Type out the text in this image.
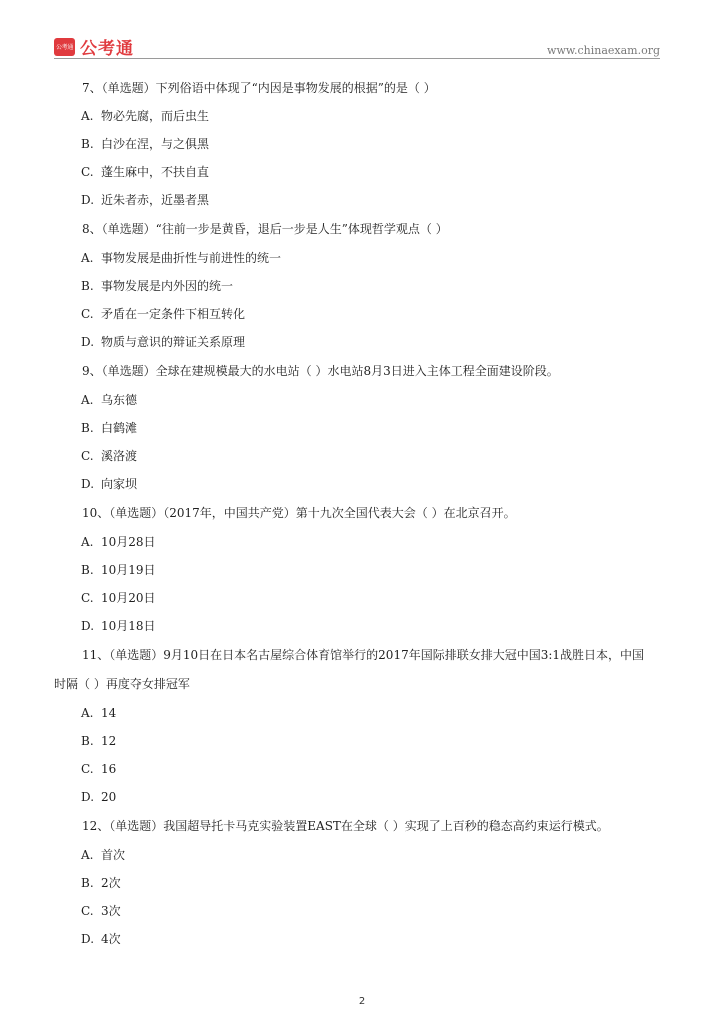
公考通 公考通	www.chinaexam.org
7、（单选题）下列俗语中体现了“内因是事物发展的根据”的是（ ）
A. 物必先腐，而后虫生
B. 白沙在涅，与之俱黑
C. 蓬生麻中，不扶自直
D. 近朱者赤，近墨者黑
8、（单选题）“往前一步是黄昏，退后一步是人生”体现哲学观点（ ）
A. 事物发展是曲折性与前进性的统一
B. 事物发展是内外因的统一
C. 矛盾在一定条件下相互转化
D. 物质与意识的辩证关系原理
9、（单选题）全球在建规模最大的水电站（ ）水电站8月3日进入主体工程全面建设阶段。
A. 乌东德
B. 白鹤滩
C. 溪洛渡
D. 向家坝
10、（单选题）（2017年，中国共产党）第十九次全国代表大会（ ）在北京召开。
A. 10月28日
B. 10月19日
C. 10月20日
D. 10月18日
11、（单选题）9月10日在日本名古屋综合体育馆举行的2017年国际排联女排大冠中国3:1战胜日本，中国
时隔（ ）再度夺女排冠军
A. 14
B. 12
C. 16
D. 20
12、（单选题）我国超导托卡马克实验装置EAST在全球（ ）实现了上百秒的稳态高约束运行模式。
A. 首次
B. 2次
C. 3次
D. 4次
2
